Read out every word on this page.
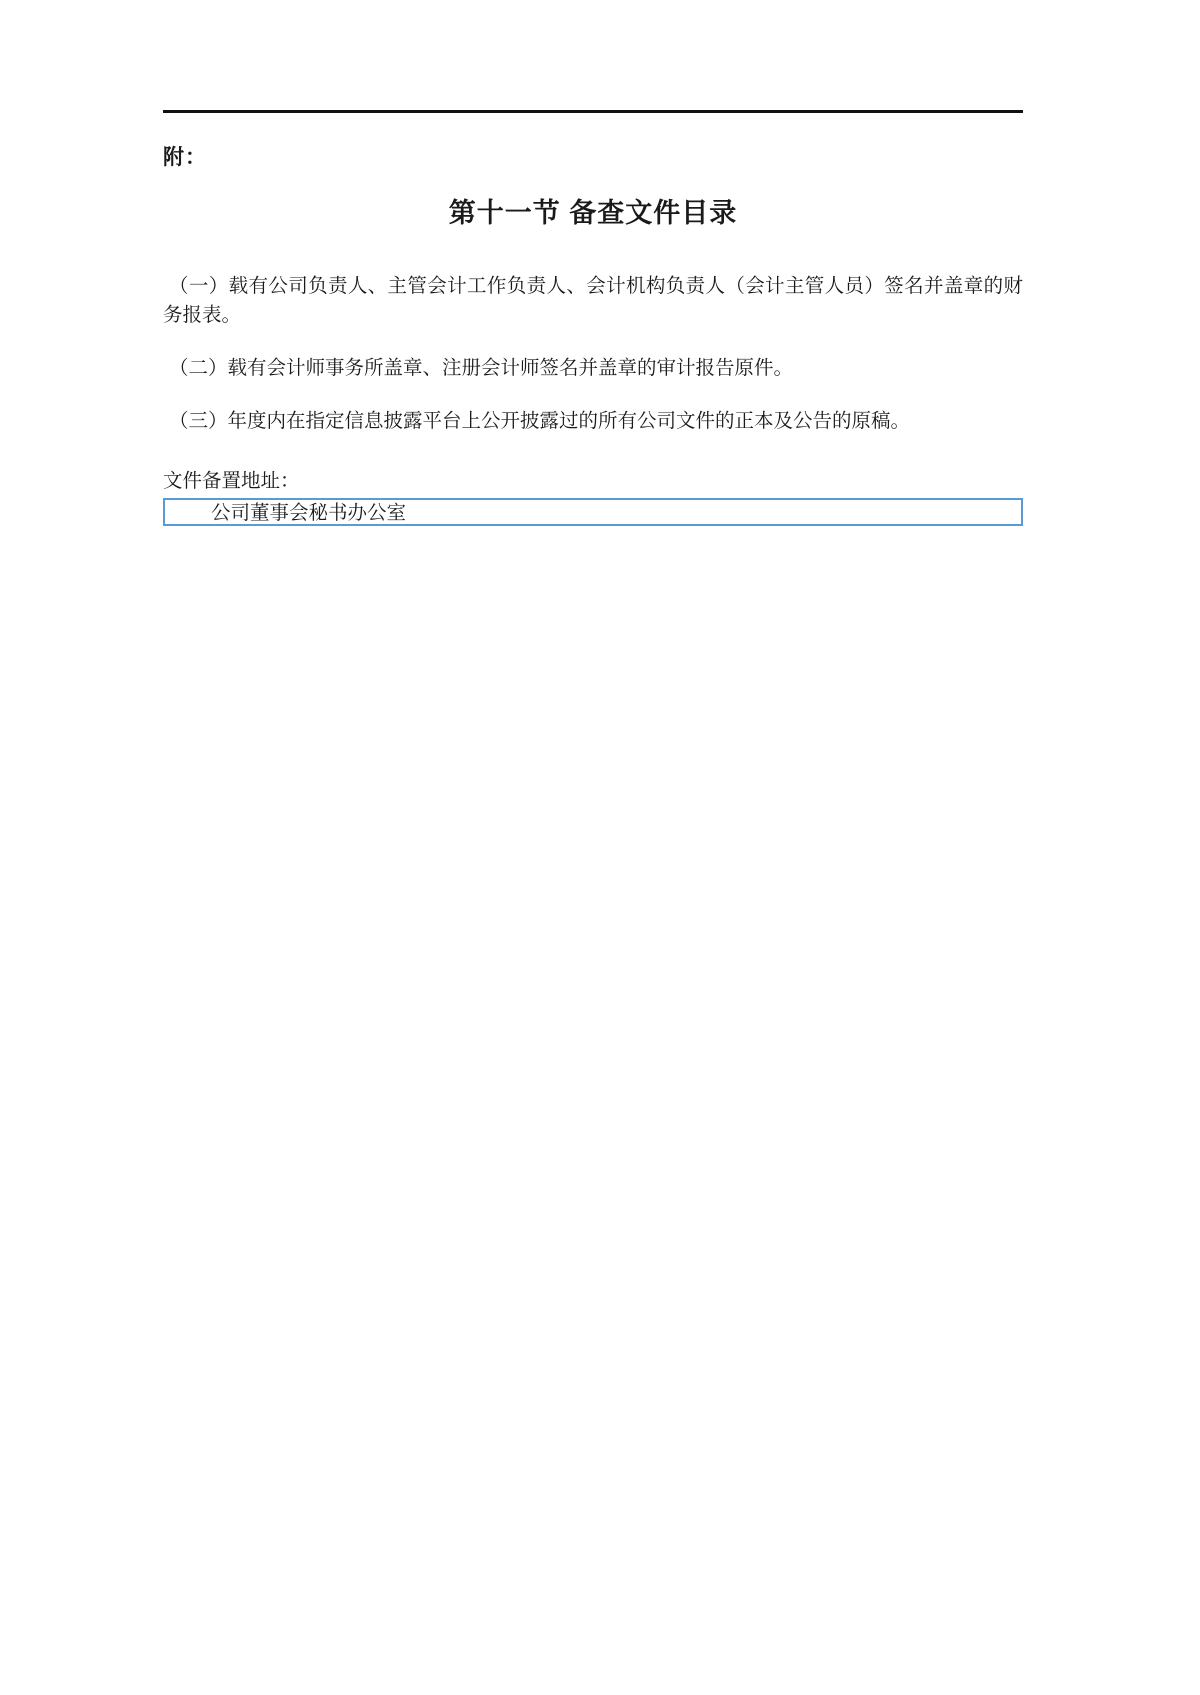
附：
第十一节 备查文件目录

（一）载有公司负责人、主管会计工作负责人、会计机构负责人（会计主管人员）签名并盖章的财务报表。

（二）载有会计师事务所盖章、注册会计师签名并盖章的审计报告原件。

（三）年度内在指定信息披露平台上公开披露过的所有公司文件的正本及公告的原稿。

文件备置地址：
公司董事会秘书办公室
